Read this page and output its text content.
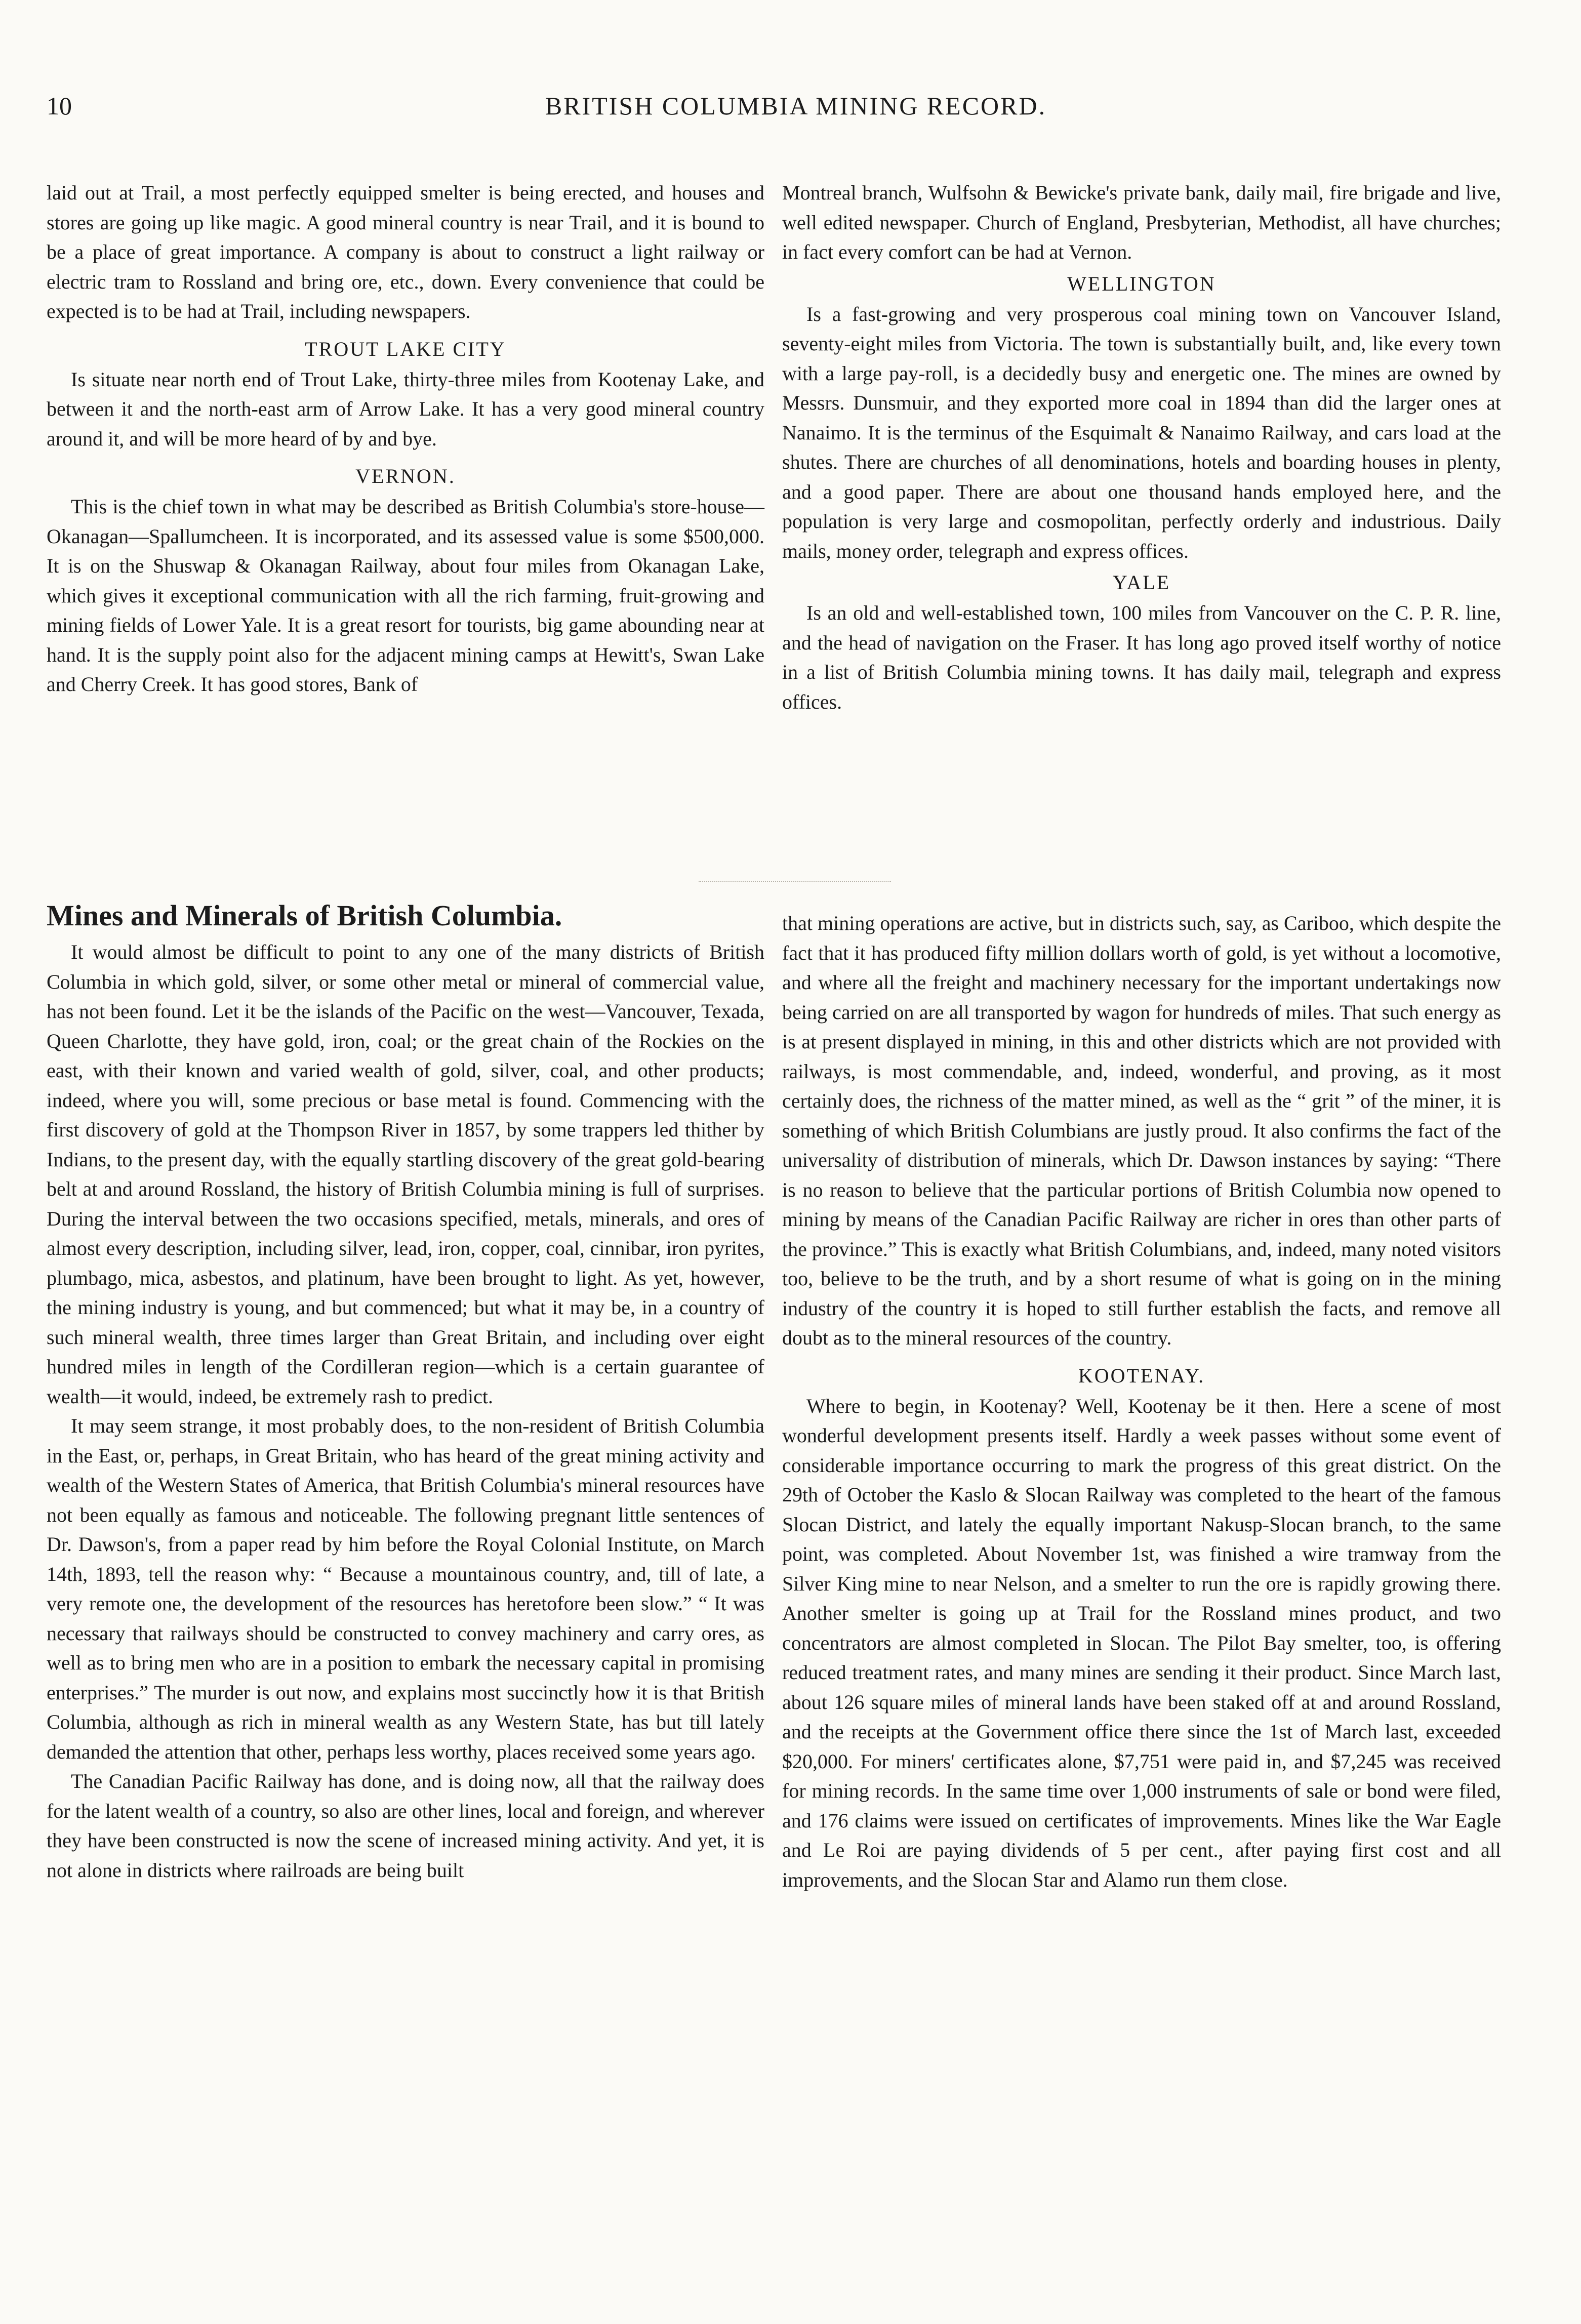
10	BRITISH COLUMBIA MINING RECORD.

laid out at Trail, a most perfectly equipped smelter is being erected, and houses and stores are going up like magic. A good mineral country is near Trail, and it is bound to be a place of great importance. A company is about to construct a light railway or electric tram to Rossland and bring ore, etc., down. Every convenience that could be expected is to be had at Trail, including newspapers.

TROUT LAKE CITY

Is situate near north end of Trout Lake, thirty-three miles from Kootenay Lake, and between it and the north-east arm of Arrow Lake. It has a very good mineral country around it, and will be more heard of by and bye.

VERNON.

This is the chief town in what may be described as British Columbia's store-house—Okanagan—Spallumcheen. It is incorporated, and its assessed value is some $500,000. It is on the Shuswap & Okanagan Railway, about four miles from Okanagan Lake, which gives it exceptional communication with all the rich farming, fruit-growing and mining fields of Lower Yale. It is a great resort for tourists, big game abounding near at hand. It is the supply point also for the adjacent mining camps at Hewitt's, Swan Lake and Cherry Creek. It has good stores, Bank of

Montreal branch, Wulfsohn & Bewicke's private bank, daily mail, fire brigade and live, well edited newspaper. Church of England, Presbyterian, Methodist, all have churches; in fact every comfort can be had at Vernon.

WELLINGTON

Is a fast-growing and very prosperous coal mining town on Vancouver Island, seventy-eight miles from Victoria. The town is substantially built, and, like every town with a large pay-roll, is a decidedly busy and energetic one. The mines are owned by Messrs. Dunsmuir, and they exported more coal in 1894 than did the larger ones at Nanaimo. It is the terminus of the Esquimalt & Nanaimo Railway, and cars load at the shutes. There are churches of all denominations, hotels and boarding houses in plenty, and a good paper. There are about one thousand hands employed here, and the population is very large and cosmopolitan, perfectly orderly and industrious. Daily mails, money order, telegraph and express offices.

YALE

Is an old and well-established town, 100 miles from Vancouver on the C. P. R. line, and the head of navigation on the Fraser. It has long ago proved itself worthy of notice in a list of British Columbia mining towns. It has daily mail, telegraph and express offices.

Mines and Minerals of British Columbia.

It would almost be difficult to point to any one of the many districts of British Columbia in which gold, silver, or some other metal or mineral of commercial value, has not been found. Let it be the islands of the Pacific on the west—Vancouver, Texada, Queen Charlotte, they have gold, iron, coal; or the great chain of the Rockies on the east, with their known and varied wealth of gold, silver, coal, and other products; indeed, where you will, some precious or base metal is found. Commencing with the first discovery of gold at the Thompson River in 1857, by some trappers led thither by Indians, to the present day, with the equally startling discovery of the great gold-bearing belt at and around Rossland, the history of British Columbia mining is full of surprises. During the interval between the two occasions specified, metals, minerals, and ores of almost every description, including silver, lead, iron, copper, coal, cinnibar, iron pyrites, plumbago, mica, asbestos, and platinum, have been brought to light. As yet, however, the mining industry is young, and but commenced; but what it may be, in a country of such mineral wealth, three times larger than Great Britain, and including over eight hundred miles in length of the Cordilleran region—which is a certain guarantee of wealth—it would, indeed, be extremely rash to predict.

It may seem strange, it most probably does, to the non-resident of British Columbia in the East, or, perhaps, in Great Britain, who has heard of the great mining activity and wealth of the Western States of America, that British Columbia's mineral resources have not been equally as famous and noticeable. The following pregnant little sentences of Dr. Dawson's, from a paper read by him before the Royal Colonial Institute, on March 14th, 1893, tell the reason why: “ Because a mountainous country, and, till of late, a very remote one, the development of the resources has heretofore been slow.” “ It was necessary that railways should be constructed to convey machinery and carry ores, as well as to bring men who are in a position to embark the necessary capital in promising enterprises.” The murder is out now, and explains most succinctly how it is that British Columbia, although as rich in mineral wealth as any Western State, has but till lately demanded the attention that other, perhaps less worthy, places received some years ago.

The Canadian Pacific Railway has done, and is doing now, all that the railway does for the latent wealth of a country, so also are other lines, local and foreign, and wherever they have been constructed is now the scene of increased mining activity. And yet, it is not alone in districts where railroads are being built

that mining operations are active, but in districts such, say, as Cariboo, which despite the fact that it has produced fifty million dollars worth of gold, is yet without a locomotive, and where all the freight and machinery necessary for the important undertakings now being carried on are all transported by wagon for hundreds of miles. That such energy as is at present displayed in mining, in this and other districts which are not provided with railways, is most commendable, and, indeed, wonderful, and proving, as it most certainly does, the richness of the matter mined, as well as the “ grit ” of the miner, it is something of which British Columbians are justly proud. It also confirms the fact of the universality of distribution of minerals, which Dr. Dawson instances by saying: “There is no reason to believe that the particular portions of British Columbia now opened to mining by means of the Canadian Pacific Railway are richer in ores than other parts of the province.” This is exactly what British Columbians, and, indeed, many noted visitors too, believe to be the truth, and by a short resume of what is going on in the mining industry of the country it is hoped to still further establish the facts, and remove all doubt as to the mineral resources of the country.

KOOTENAY.

Where to begin, in Kootenay? Well, Kootenay be it then. Here a scene of most wonderful development presents itself. Hardly a week passes without some event of considerable importance occurring to mark the progress of this great district. On the 29th of October the Kaslo & Slocan Railway was completed to the heart of the famous Slocan District, and lately the equally important Nakusp-Slocan branch, to the same point, was completed. About November 1st, was finished a wire tramway from the Silver King mine to near Nelson, and a smelter to run the ore is rapidly growing there. Another smelter is going up at Trail for the Rossland mines product, and two concentrators are almost completed in Slocan. The Pilot Bay smelter, too, is offering reduced treatment rates, and many mines are sending it their product. Since March last, about 126 square miles of mineral lands have been staked off at and around Rossland, and the receipts at the Government office there since the 1st of March last, exceeded $20,000. For miners' certificates alone, $7,751 were paid in, and $7,245 was received for mining records. In the same time over 1,000 instruments of sale or bond were filed, and 176 claims were issued on certificates of improvements. Mines like the War Eagle and Le Roi are paying dividends of 5 per cent., after paying first cost and all improvements, and the Slocan Star and Alamo run them close.
